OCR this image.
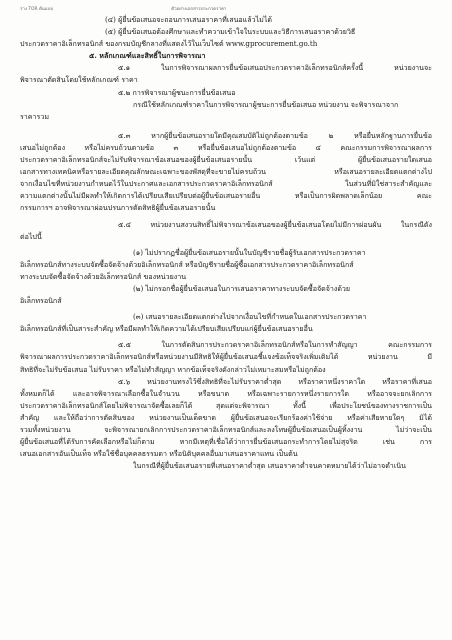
ร่าง TOR ต้นแบบ	ตัวอย่างเอกสารประกวดราคา
(๔) ผู้ยื่นข้อเสนอจะถอนการเสนอราคาที่เสนอแล้วไม่ได้
(๕) ผู้ยื่นข้อเสนอต้องศึกษาและทำความเข้าใจในระบบและวิธีการเสนอราคาด้วยวิธี
ประกวดราคาอิเล็กทรอนิกส์ ของกรมบัญชีกลางที่แสดงไว้ในเว็บไซต์ www.gprocurement.go.th
๕. หลักเกณฑ์และสิทธิ์ในการพิจารณา
๕.๑ ในการพิจารณาผลการยื่นข้อเสนอประกวดราคาอิเล็กทรอนิกส์ครั้งนี้ หน่วยงานจะ
พิจารณาตัดสินโดยใช้หลักเกณฑ์ ราคา
๕.๒ การพิจารณาผู้ชนะการยื่นข้อเสนอ
กรณีใช้หลักเกณฑ์ราคาในการพิจารณาผู้ชนะการยื่นข้อเสนอ หน่วยงาน จะพิจารณาจาก
ราคารวม
๕.๓ หากผู้ยื่นข้อเสนอรายใดมีคุณสมบัติไม่ถูกต้องตามข้อ ๒ หรือยื่นหลักฐานการยื่นข้อ
เสนอไม่ถูกต้อง หรือไม่ครบถ้วนตามข้อ ๓ หรือยื่นข้อเสนอไม่ถูกต้องตามข้อ ๔ คณะกรรมการพิจารณาผลการ
ประกวดราคาอิเล็กทรอนิกส์จะไม่รับพิจารณาข้อเสนอของผู้ยื่นข้อเสนอรายนั้น เว้นแต่ ผู้ยื่นข้อเสนอรายใดเสนอ
เอกสารทางเทคนิคหรือรายละเอียดคุณลักษณะเฉพาะของพัสดุที่จะขายไม่ครบถ้วน หรือเสนอรายละเอียดแตกต่างไป
จากเงื่อนไขที่หน่วยงานกำหนดไว้ในประกาศและเอกสารประกวดราคาอิเล็กทรอนิกส์ ในส่วนที่มิใช่สาระสำคัญและ
ความแตกต่างนั้นไม่มีผลทำให้เกิดการได้เปรียบเสียเปรียบต่อผู้ยื่นข้อเสนอรายอื่น หรือเป็นการผิดพลาดเล็กน้อย คณะ
กรรมการฯ อาจพิจารณาผ่อนปรนการตัดสิทธิผู้ยื่นข้อเสนอรายนั้น
๕.๔ หน่วยงานสงวนสิทธิ์ไม่พิจารณาข้อเสนอของผู้ยื่นข้อเสนอโดยไม่มีการผ่อนผัน ในกรณีดัง
ต่อไปนี้
(๑) ไม่ปรากฏชื่อผู้ยื่นข้อเสนอรายนั้นในบัญชีรายชื่อผู้รับเอกสารประกวดราคา
อิเล็กทรอนิกส์ทางระบบจัดซื้อจัดจ้างด้วยอิเล็กทรอนิกส์ หรือบัญชีรายชื่อผู้ซื้อเอกสารประกวดราคาอิเล็กทรอนิกส์
ทางระบบจัดซื้อจัดจ้างด้วยอิเล็กทรอนิกส์ ของหน่วยงาน
(๒) ไม่กรอกชื่อผู้ยื่นข้อเสนอในการเสนอราคาทางระบบจัดซื้อจัดจ้างด้วย
อิเล็กทรอนิกส์
(๓) เสนอรายละเอียดแตกต่างไปจากเงื่อนไขที่กำหนดในเอกสารประกวดราคา
อิเล็กทรอนิกส์ที่เป็นสาระสำคัญ หรือมีผลทำให้เกิดความได้เปรียบเสียเปรียบแก่ผู้ยื่นข้อเสนอรายอื่น
๕.๕ ในการตัดสินการประกวดราคาอิเล็กทรอนิกส์หรือในการทำสัญญา คณะกรรมการ
พิจารณาผลการประกวดราคาอิเล็กทรอนิกส์หรือหน่วยงานมีสิทธิให้ผู้ยื่นข้อเสนอชี้แจงข้อเท็จจริงเพิ่มเติมได้ หน่วยงาน มี
สิทธิที่จะไม่รับข้อเสนอ ไม่รับราคา หรือไม่ทำสัญญา หากข้อเท็จจริงดังกล่าวไม่เหมาะสมหรือไม่ถูกต้อง
๕.๖ หน่วยงานทรงไว้ซึ่งสิทธิที่จะไม่รับราคาต่ำสุด หรือราคาหนึ่งราคาใด หรือราคาที่เสนอ
ทั้งหมดก็ได้ และอาจพิจารณาเลือกซื้อในจำนวน หรือขนาด หรือเฉพาะรายการหนึ่งรายการใด หรืออาจจะยกเลิกการ
ประกวดราคาอิเล็กทรอนิกส์โดยไม่พิจารณาจัดซื้อเลยก็ได้ สุดแต่จะพิจารณา ทั้งนี้ เพื่อประโยชน์ของทางราชการเป็น
สำคัญ และให้ถือว่าการตัดสินของ หน่วยงานเป็นเด็ดขาด ผู้ยื่นข้อเสนอจะเรียกร้องค่าใช้จ่าย หรือค่าเสียหายใดๆ มิได้
รวมทั้งหน่วยงาน จะพิจารณายกเลิกการประกวดราคาอิเล็กทรอนิกส์และลงโทษผู้ยื่นข้อเสนอเป็นผู้ทิ้งงาน ไม่ว่าจะเป็น
ผู้ยื่นข้อเสนอที่ได้รับการคัดเลือกหรือไม่ก็ตาม หากมีเหตุที่เชื่อได้ว่าการยื่นข้อเสนอกระทำการโดยไม่สุจริต เช่น การ
เสนอเอกสารอันเป็นเท็จ หรือใช้ชื่อบุคคลธรรมดา หรือนิติบุคคลอื่นมาเสนอราคาแทน เป็นต้น
ในกรณีที่ผู้ยื่นข้อเสนอรายที่เสนอราคาต่ำสุด เสนอราคาต่ำจนคาดหมายได้ว่าไม่อาจดำเนิน
